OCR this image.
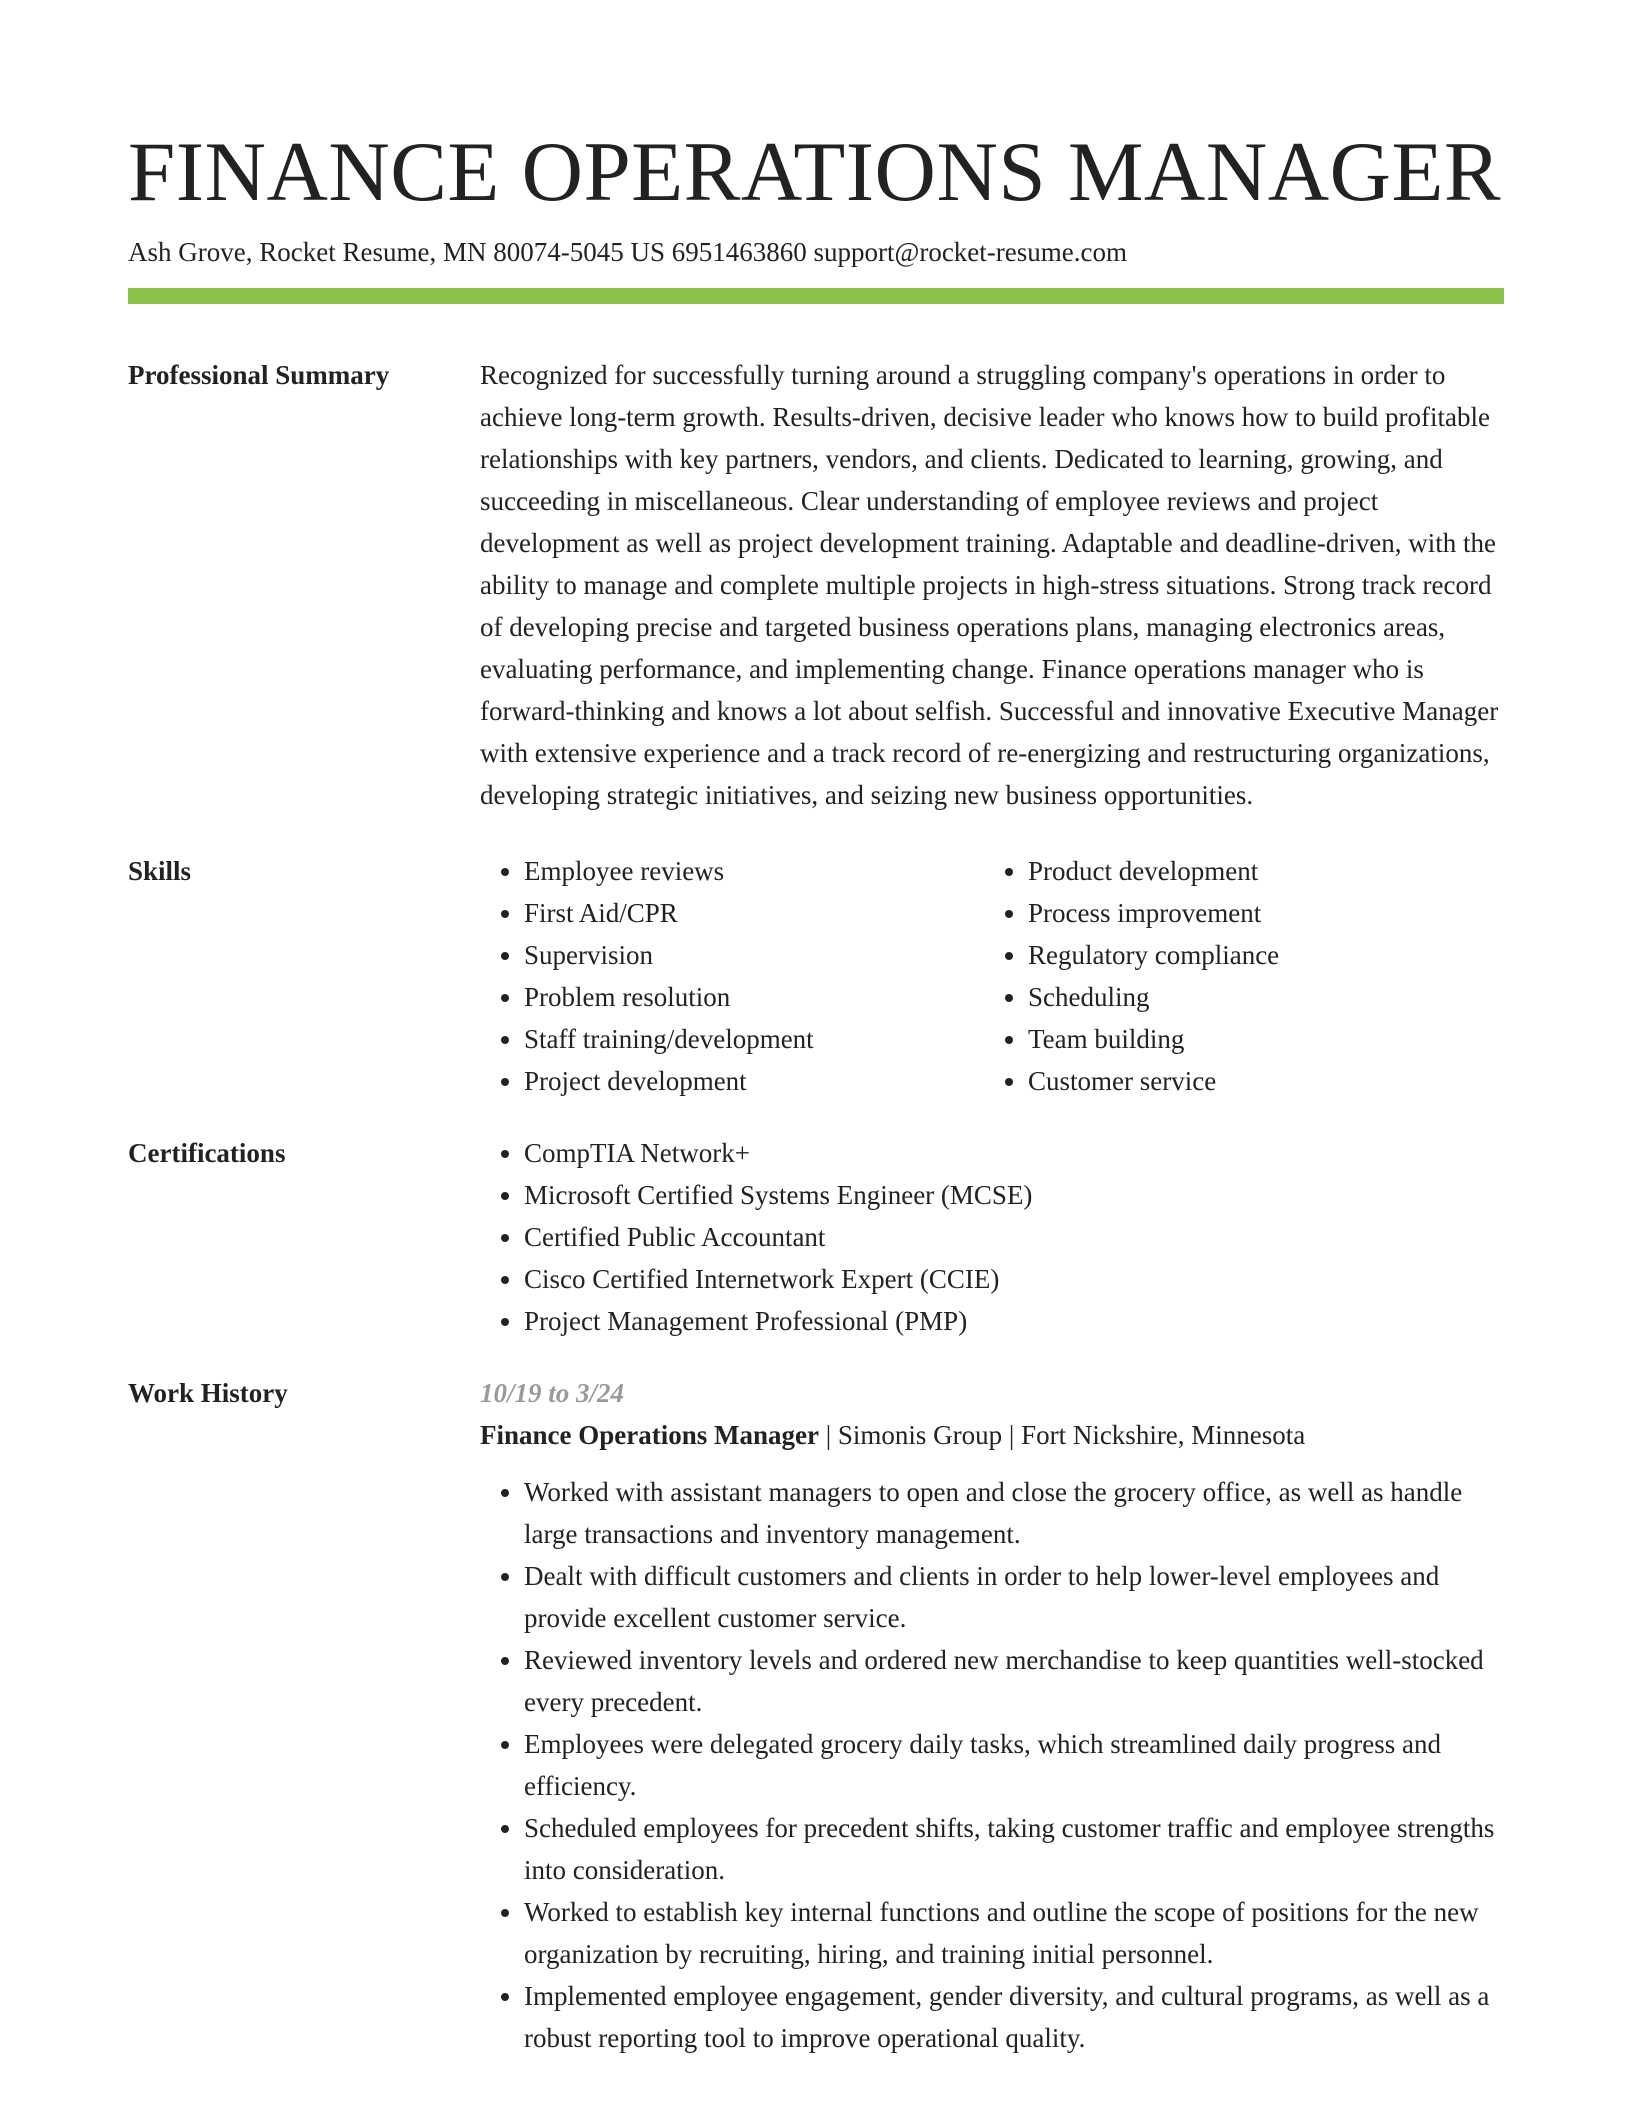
FINANCE OPERATIONS MANAGER
Ash Grove, Rocket Resume, MN 80074-5045 US 6951463860 support@rocket-resume.com
Professional Summary	Recognized for successfully turning around a struggling company's operations in order to achieve long-term growth. Results-driven, decisive leader who knows how to build profitable relationships with key partners, vendors, and clients. Dedicated to learning, growing, and succeeding in miscellaneous. Clear understanding of employee reviews and project development as well as project development training. Adaptable and deadline-driven, with the ability to manage and complete multiple projects in high-stress situations. Strong track record of developing precise and targeted business operations plans, managing electronics areas, evaluating performance, and implementing change. Finance operations manager who is forward-thinking and knows a lot about selfish. Successful and innovative Executive Manager with extensive experience and a track record of re-energizing and restructuring organizations, developing strategic initiatives, and seizing new business opportunities.

Skills	• Employee reviews
• First Aid/CPR
• Supervision
• Problem resolution
• Staff training/development
• Project development
• Product development
• Process improvement
• Regulatory compliance
• Scheduling
• Team building
• Customer service
Certifications	• CompTIA Network+
• Microsoft Certified Systems Engineer (MCSE)
• Certified Public Accountant
• Cisco Certified Internetwork Expert (CCIE)
• Project Management Professional (PMP)
Work History	10/19 to 3/24
Finance Operations Manager | Simonis Group | Fort Nickshire, Minnesota
• Worked with assistant managers to open and close the grocery office, as well as handle large transactions and inventory management.
• Dealt with difficult customers and clients in order to help lower-level employees and provide excellent customer service.
• Reviewed inventory levels and ordered new merchandise to keep quantities well-stocked every precedent.
• Employees were delegated grocery daily tasks, which streamlined daily progress and efficiency.
• Scheduled employees for precedent shifts, taking customer traffic and employee strengths into consideration.
• Worked to establish key internal functions and outline the scope of positions for the new organization by recruiting, hiring, and training initial personnel.
• Implemented employee engagement, gender diversity, and cultural programs, as well as a robust reporting tool to improve operational quality.
